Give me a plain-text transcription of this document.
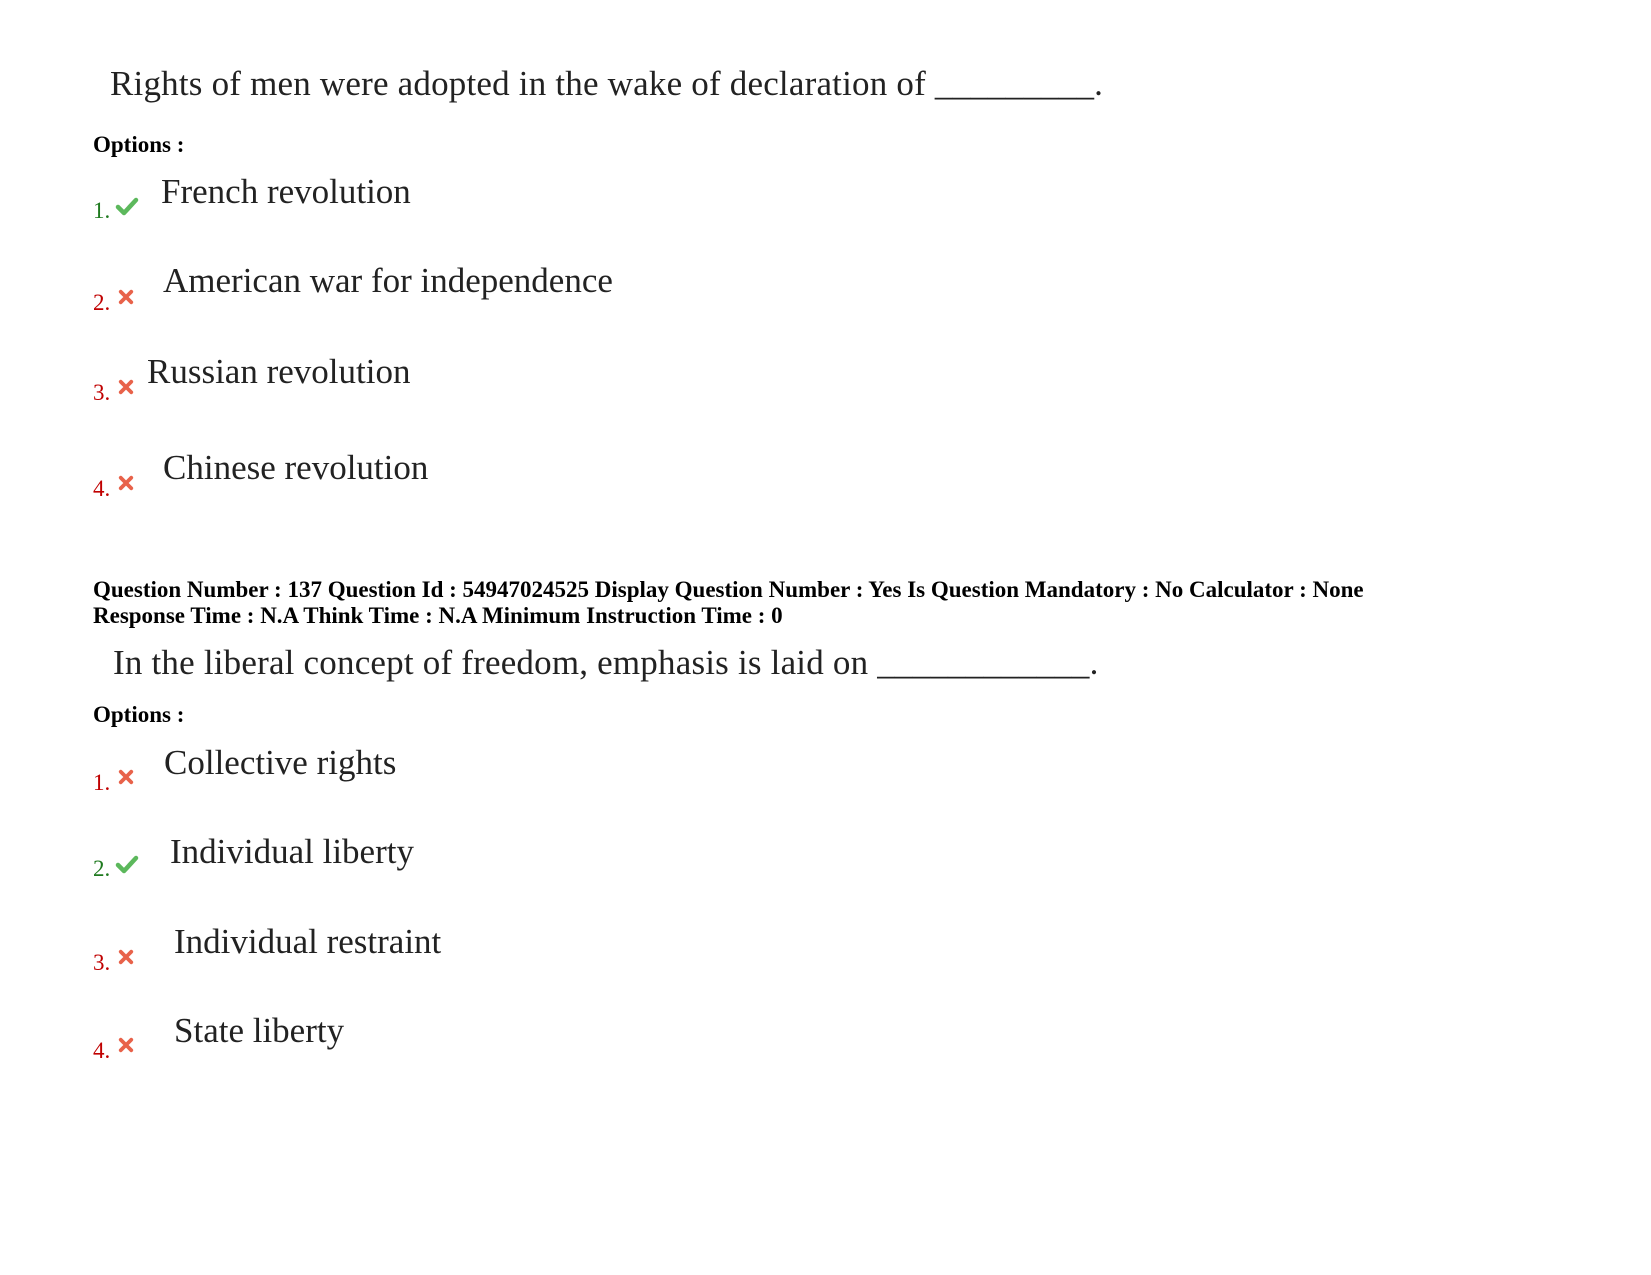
Rights of men were adopted in the wake of declaration of _________.
Options :
1. French revolution
2.
American war for independence
3.
Russian revolution
4.
Chinese revolution
Question Number : 137 Question Id : 54947024525 Display Question Number : Yes Is Question Mandatory : No Calculator : None
Response Time : N.A Think Time : N.A Minimum Instruction Time : 0
In the liberal concept of freedom, emphasis is laid on ____________.
Options :
1.
Collective rights
2. Individual liberty
3.
Individual restraint
4.
State liberty
